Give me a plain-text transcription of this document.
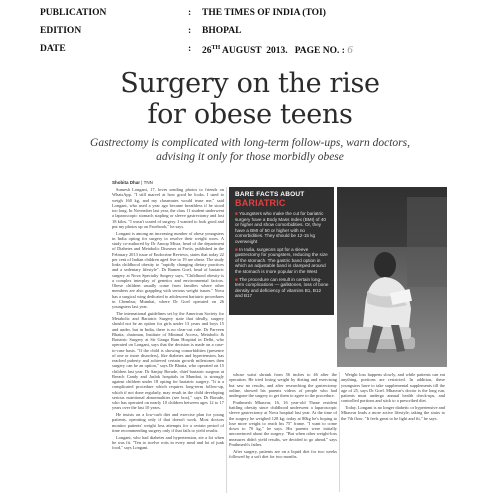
PUBLICATION	: THE TIMES OF INDIA (TOI)
EDITION	: BHOPAL
DATE	: 26TH AUGUST  2013.   PAGE NO. : 6
Surgery on the rise
for obese teens
Gastrectomy is complicated with long-term follow-ups, warn doctors, advising it only for those morbidly obese
Shobita Dhar | TNN

Sumesh Longani, 17, loves sending photos to friends on WhatsApp. "I still marvel at how good he looks. I used to weigh 160 kg, and my classmates would tease me," said Longani, who used a year ago became breathless if he stood too long. In November last year, the class 11 student underwent a laparoscopic stomach stapling or sleeve gastrectomy and lost 18 kilos. "I wasn't scared of surgery. I wanted to look good and put my photos up on Facebook," he says.

Longani is among an increasing number of obese youngsters in India opting for surgery to resolve their weight woes. A study co-authored by Dr Anoop Misra, head of the department of Diabetes and Metabolic Diseases at Fortis, published in the February 2013 issue of Endocrine Reviews, states that today 22 per cent of Indian children aged five to 19 are obese. The study links childhood obesity to "rapidly changing dietary practices and a sedentary lifestyle". Dr Ramen Goel, head of bariatric surgery at Nova Specialty Surgery says, "Childhood obesity is a complex interplay of genetics and environmental factors. Obese children usually come from families where other members are also grappling with serious weight issues." Nova has a surgical wing dedicated to adolescent bariatric procedures in Chembur, Mumbai, where Dr Goel operated on 26 youngsters last year.

The international guidelines set by the American Society for Metabolic and Bariatric Surgery state that ideally, surgery should not be an option for girls under 13 years and boys 15 and under, but in India, there is no clear-cut rule. Dr Parveen Bhatia, chairman, Institute of Minimal Access, Metabolic & Bariatric Surgery at Sir Ganga Ram Hospital in Delhi, who operated on Longani, says that the decision is made on a case-to-case basis. "If the child is showing comorbidities (presence of one or more disorders), like diabetes and hypertension, has reached puberty and achieved certain growth milestones then surgery can be an option," says Dr Bhatia, who operated on 15 children last year. Dr Sanjay Borude, chief bariatric surgeon at Breach Candy and Jaslok hospitals in Mumbai, is strongly against children under 18 opting for bariatric surgery. "It is a complicated procedure which requires long-term follow-up, which if not done regularly, may result in the child developing serious nutritional abnormalities (see box)," says Dr Borude, who has operated on nearly 10 children between ages 12 to 17 years over the last 10 years.

He insists on a low-carb diet and exercise plan for young patients, operating only if that doesn't work. Most doctors monitor patients' weight loss attempts for a certain period of time recommending surgery only if that fails to yield results.

Longani, who had diabetes and hypertension, ate a lot when he was fit. "Ten to twelve rotis in every meal and lot of junk food," says Longani.

BARE FACTS ABOUT
BARIATRIC

■ Youngsters who make the cut for bariatric surgery have a Body Mass Index (BMI) of 40 or higher and show comorbidities. Or, they have a BMI of 50 or higher with no comorbidities. They should be 12-15 kg overweight

■ In India, surgeons opt for a sleeve gastrectomy for youngsters, reducing the size of the stomach. The gastric band option in which an adjustable band is clamped around the stomach is more popular in the West

■ The procedure can result in certain long-term complications — gallstones, loss of bone density and deficiency of vitamins B1, B12 and B17

whose waist shrunk from 56 inches to 46 after the operation. He tried losing weight by dieting and exercising but saw no results, and after researching the gastrectomy online, showed his parents videos of people who had undergone the surgery to get them to agree to the procedure.

Prathmesh Mhasvar, 16, 16 year-old Thane resident battling obesity since childhood underwent a laparoscopic sleeve gastrectomy at Nova hospital last year. At the time of the surgery he weighed 128 kg; today at 80kg he's hoping to lose more weight to reach his 75" frame. "I want to come down to 70 kg," he says. His parents were initially unconvinced about the surgery. "But when other weight-loss measures didn't yield results, we decided to go ahead," says Prathmesh's father.

After surgery, patients are on a liquid diet for two weeks followed by a soft diet for two months.

Weight loss happens slowly, and while patients can eat anything, portions are restricted. In addition, these youngsters have to take supplemental supplements till the age of 25, says Dr Goel. Mhasvar's doctor is the long run, patients must undergo annual health check-ups, and controlled portions and stick to a prescribed diet.

Today, Longani is no longer diabetic or hypertensive and Mhasvar leads a more active lifestyle, taking the stairs to the 7th floor. "It feels great to be light and fit," he says.
